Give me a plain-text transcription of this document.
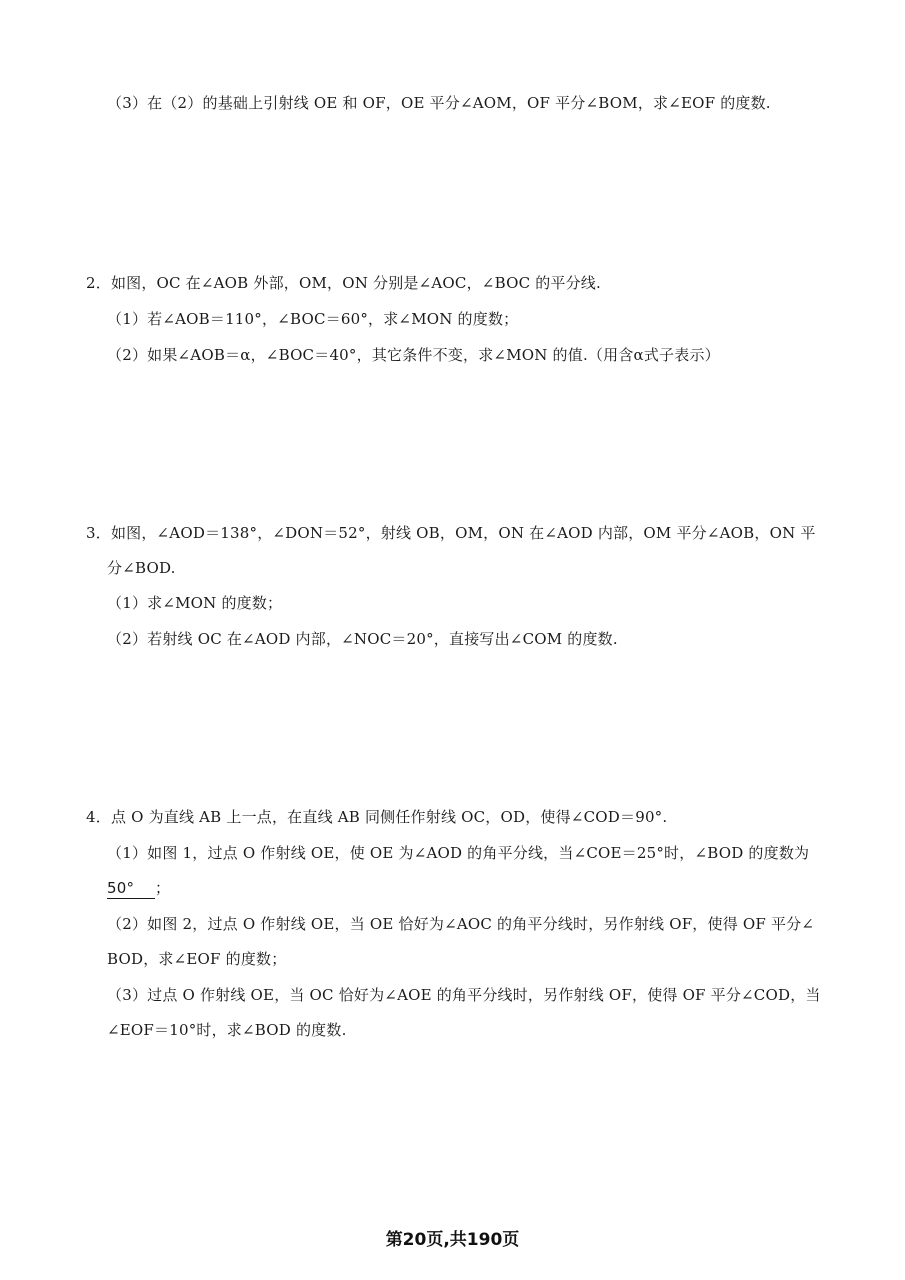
（3）在（2）的基础上引射线 OE 和 OF，OE 平分∠AOM，OF 平分∠BOM，求∠EOF 的度数.
2．如图，OC 在∠AOB 外部，OM，ON 分别是∠AOC，∠BOC 的平分线.
（1）若∠AOB＝110°，∠BOC＝60°，求∠MON 的度数；
（2）如果∠AOB＝α，∠BOC＝40°，其它条件不变，求∠MON 的值.（用含α式子表示）
3．如图，∠AOD＝138°，∠DON＝52°，射线 OB，OM，ON 在∠AOD 内部，OM 平分∠AOB，ON 平
分∠BOD.
（1）求∠MON 的度数；
（2）若射线 OC 在∠AOD 内部，∠NOC＝20°，直接写出∠COM 的度数.
4．点 O 为直线 AB 上一点，在直线 AB 同侧任作射线 OC，OD，使得∠COD＝90°.
（1）如图 1，过点 O 作射线 OE，使 OE 为∠AOD 的角平分线，当∠COE＝25°时，∠BOD 的度数为
50° ；
（2）如图 2，过点 O 作射线 OE，当 OE 恰好为∠AOC 的角平分线时，另作射线 OF，使得 OF 平分∠
BOD，求∠EOF 的度数；
（3）过点 O 作射线 OE，当 OC 恰好为∠AOE 的角平分线时，另作射线 OF，使得 OF 平分∠COD，当
∠EOF＝10°时，求∠BOD 的度数.
第20页,共190页
